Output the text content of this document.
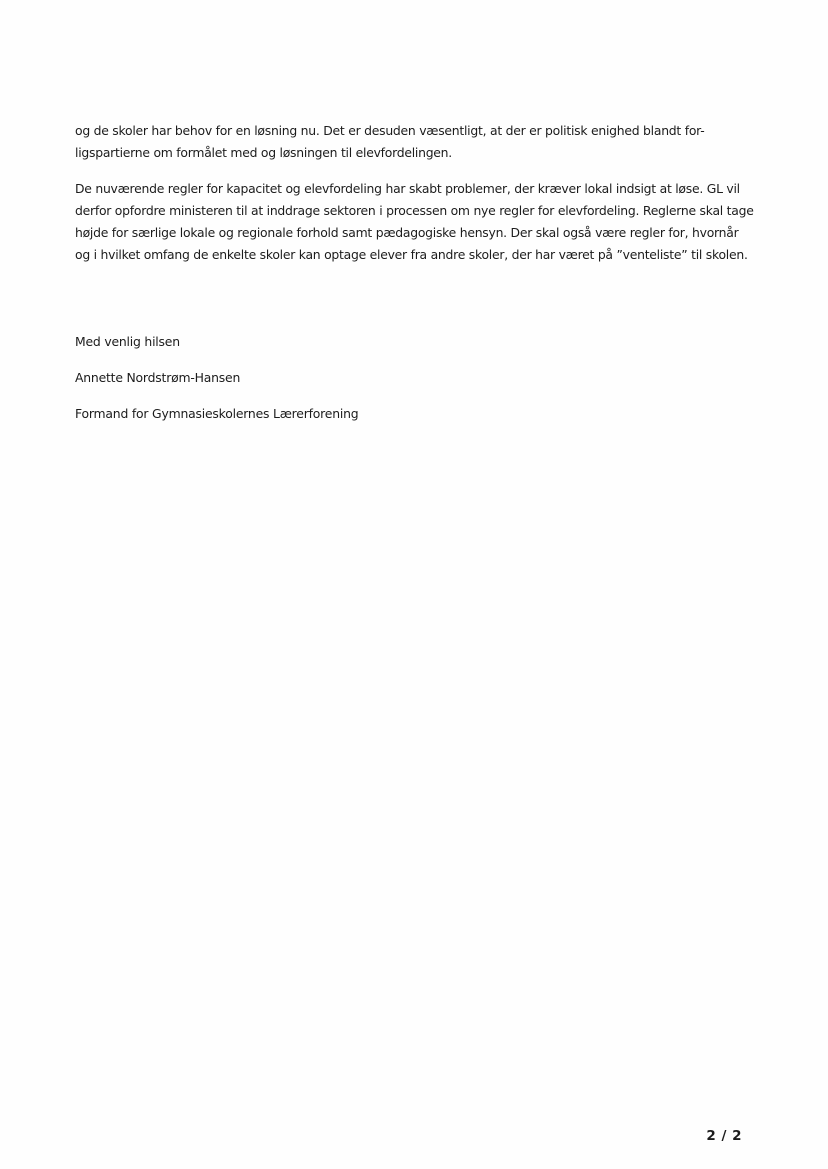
og de skoler har behov for en løsning nu. Det er desuden væsentligt, at der er politisk enighed blandt for-ligspartierne om formålet med og løsningen til elevfordelingen.

De nuværende regler for kapacitet og elevfordeling har skabt problemer, der kræver lokal indsigt at løse. GL vil derfor opfordre ministeren til at inddrage sektoren i processen om nye regler for elevfordeling. Reglerne skal tage højde for særlige lokale og regionale forhold samt pædagogiske hensyn. Der skal også være regler for, hvornår og i hvilket omfang de enkelte skoler kan optage elever fra andre skoler, der har været på ”venteliste” til skolen.

Med venlig hilsen

Annette Nordstrøm-Hansen

Formand for Gymnasieskolernes Lærerforening

2 / 2
